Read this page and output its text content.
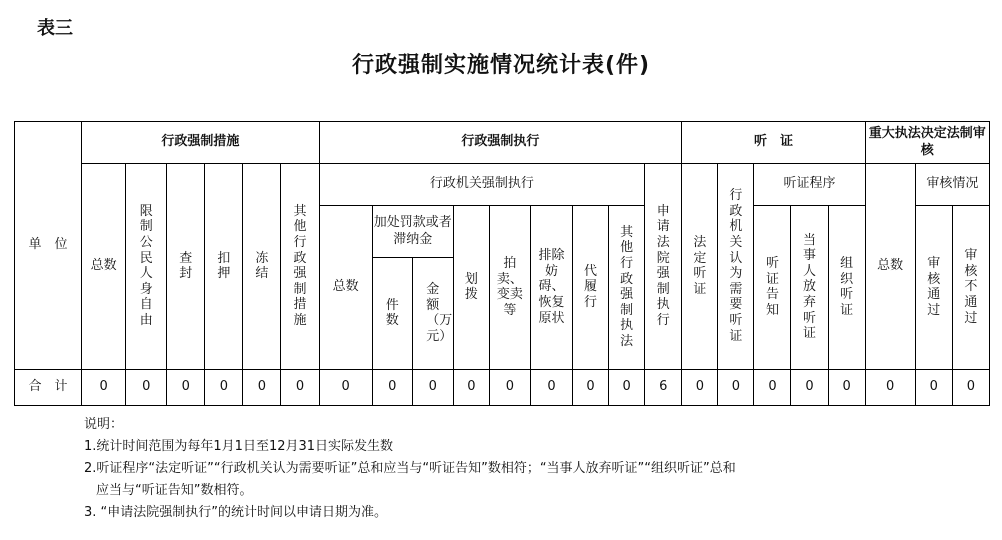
表三
行政强制实施情况统计表(件)
单　位	行政强制措施						行政强制执行									听　证					重大执法决定法制审核		
	总数	限制公民人身自由	查封	扣押	冻结	其他行政强制措施	行政机关强制执行								申请法院强制执行	法定听证	行政机关认为需要听证	听证程序			总数	审核情况	
							总数	加处罚款或者滞纳金		划拨	拍卖、变卖等	排除妨碍、恢复原状	代履行	其他行政强制执法				听证告知	当事人放弃听证	组织听证		审核通过	审核不通过
								件数	金额（万元）														
合　计	0	0	0	0	0	0	0	0	0	0	0	0	0	0	6	0	0	0	0	0	0	0	0
说明：
1.统计时间范围为每年1月1日至12月31日实际发生数
2.听证程序“法定听证”“行政机关认为需要听证”总和应当与“听证告知”数相符；“当事人放弃听证”“组织听证”总和
应当与“听证告知”数相符。
3. “申请法院强制执行”的统计时间以申请日期为准。
